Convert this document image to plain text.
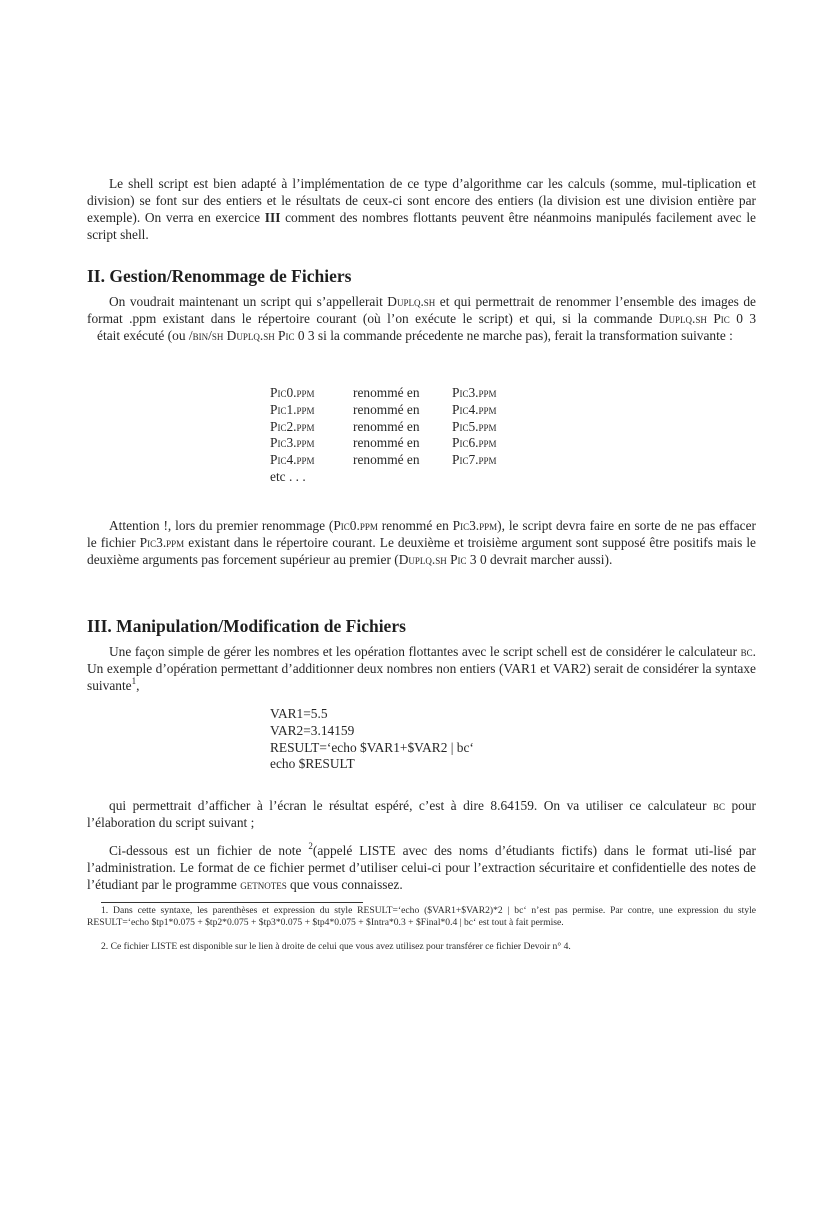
Le shell script est bien adapté à l’implémentation de ce type d’algorithme car les calculs (somme, mul-tiplication et division) se font sur des entiers et le résultats de ceux-ci sont encore des entiers (la division est une division entière par exemple). On verra en exercice III comment des nombres flottants peuvent être néanmoins manipulés facilement avec le script shell.
II. Gestion/Renommage de Fichiers
On voudrait maintenant un script qui s’appellerait Duplq.sh et qui permettrait de renommer l’ensemble des images de format .ppm existant dans le répertoire courant (où l’on exécute le script) et qui, si la commande Duplq.sh Pic 0 3   était exécuté (ou /bin/sh Duplq.sh Pic 0 3 si la commande précedente ne marche pas), ferait la transformation suivante :
Pic0.ppm	renommé en Pic3.ppm
Pic1.ppm	renommé en Pic4.ppm
Pic2.ppm	renommé en Pic5.ppm
Pic3.ppm	renommé en Pic6.ppm
Pic4.ppm	renommé en Pic7.ppm
etc . . .
Attention !, lors du premier renommage (Pic0.ppm renommé en Pic3.ppm), le script devra faire en sorte de ne pas effacer le fichier Pic3.ppm existant dans le répertoire courant. Le deuxième et troisième argument sont supposé être positifs mais le deuxième arguments pas forcement supérieur au premier (Duplq.sh Pic 3 0 devrait marcher aussi).
III. Manipulation/Modification de Fichiers
Une façon simple de gérer les nombres et les opération flottantes avec le script schell est de considérer le calculateur bc. Un exemple d’opération permettant d’additionner deux nombres non entiers (VAR1 et VAR2) serait de considérer la syntaxe suivante$^1$,
VAR1=5.5
VAR2=3.14159
RESULT=‘echo $VAR1+$VAR2 | bc‘
echo $RESULT
qui permettrait d’afficher à l’écran le résultat espéré, c’est à dire 8.64159. On va utiliser ce calculateur bc pour l’élaboration du script suivant ;
Ci-dessous est un fichier de note $^2$(appelé LISTE avec des noms d’étudiants fictifs) dans le format uti-lisé par l’administration. Le format de ce fichier permet d’utiliser celui-ci pour l’extraction sécuritaire et confidentielle des notes de l’étudiant par le programme getnotes que vous connaissez.
1. Dans cette syntaxe, les parenthèses et expression du style RESULT=‘echo ($VAR1+$VAR2)*2 | bc‘ n’est pas permise. Par contre, une expression du style RESULT=‘echo $tp1*0.075 + $tp2*0.075 + $tp3*0.075 + $tp4*0.075 + $Intra*0.3 + $Final*0.4 | bc‘ est tout à fait permise.
2. Ce fichier LISTE est disponible sur le lien à droite de celui que vous avez utilisez pour transférer ce fichier Devoir n° 4.
